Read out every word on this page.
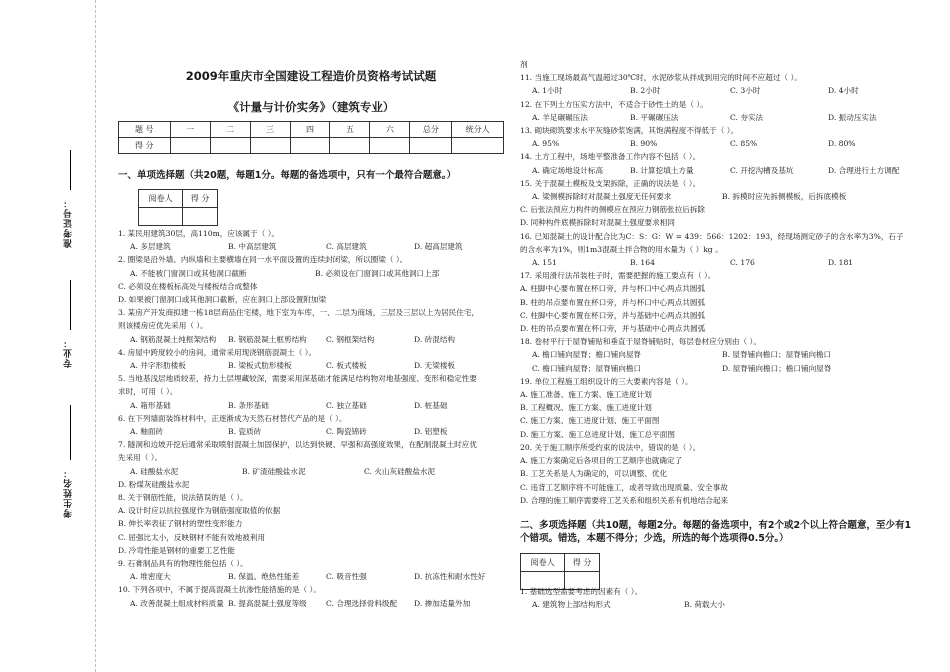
准考证号：
专业：
考生姓名：
2009年重庆市全国建设工程造价员资格考试试题
《计量与计价实务》（建筑专业）
题 号	一	二	三	四	五	六	总分	统分人
得 分								
一、单项选择题（共20题，每题1分。每题的备选项中，只有一个最符合题意。）
阅卷人	得 分

1. 某民用建筑30层，高110m，应该属于（ ）。
A. 多层建筑	B. 中高层建筑	C. 高层建筑	D. 超高层建筑
2. 圈梁是沿外墙、内纵墙和主要横墙在同一水平面设置的连续封闭梁，所以圈梁（ ）。
A. 不能被门窗洞口或其他洞口截断	B. 必须设在门窗洞口或其他洞口上部
C. 必须设在楼板标高处与楼板结合成整体
D. 如果被门窗洞口或其他洞口截断，应在洞口上部设置附加梁
3. 某房产开发商拟建一栋18层商品住宅楼，地下室为车库，一、二层为商场，三层及三层以上为居民住宅，
则该楼房应优先采用（ ）。
A. 钢筋混凝土纯框架结构 B. 钢筋混凝土框剪结构	C. 钢框架结构	D. 砖混结构
4. 房屋中跨度较小的房间，通常采用现浇钢筋混凝土（ ）。
A. 井字形肋楼板	B. 梁板式肋形楼板	C. 板式楼板	D. 无梁楼板
5. 当地基浅层地质较差，持力土层埋藏较深，需要采用深基础才能满足结构物对地基强度、变形和稳定性要
求时，可用（ ）。
A. 箱形基础	B. 条形基础	C. 独立基础	D. 桩基础
6. 在下列墙面装饰材料中，正逐渐成为天然石材替代产品的是（ ）。
A. 釉面砖	B. 瓷质砖	C. 陶瓷锦砖	D. 铝塑板
7. 隧洞和边坡开挖后通常采取喷射混凝土加固保护，以达到快硬、早强和高强度效果，在配制混凝土时应优
先采用（ ）。
A. 硅酸盐水泥	B. 矿渣硅酸盐水泥	C. 火山灰硅酸盐水泥
D. 粉煤灰硅酸盐水泥
8. 关于钢筋性能，说法错误的是（ ）。
A. 设计时应以抗拉强度作为钢筋强度取值的依据
B. 伸长率表征了钢材的塑性变形能力
C. 屈强比太小，反映钢材不能有效地被利用
D. 冷弯性能是钢材的重要工艺性能
9. 石膏制品具有的物理性能包括（ ）。
A. 堆密度大	B. 保温、绝热性能差	C. 吸音性强	D. 抗冻性和耐水性好
10. 下列各项中，不属于提高混凝土抗渗性能措施的是（ ）。
A. 改善混凝土组成材料质量 B. 提高混凝土强度等级	C. 合理选择骨料级配 D. 掺加适量外加
剂
11. 当施工现场最高气温超过30℃时，水泥砂浆从拌成到用完的时间不应超过（ ）。
A. 1小时	B. 2小时	C. 3小时	D. 4小时
12. 在下列土方压实方法中，不适合于砂性土的是（ ）。
A. 羊足碾碾压法	B. 平碾碾压法	C. 夯实法	D. 振动压实法
13. 砌块砌筑要求水平灰缝砂浆饱满，其饱满程度不得低于（ ）。
A. 95%	B. 90%	C. 85%	D. 80%
14. 土方工程中，场地平整准备工作内容不包括（ ）。
A. 确定场地设计标高	B. 计算挖填土方量	C. 开挖沟槽及基坑	D. 合理进行土方调配
15. 关于混凝土模板及支架拆除，正确的说法是（ ）。
A. 梁侧模拆除时对混凝土强度无任何要求	B. 拆模时应先拆侧模板，后拆底模板
C. 后张法预应力构件的侧模应在预应力钢筋张拉后拆除
D. 同种构件底模拆除时对混凝土强度要求相同
16. 已知混凝土的设计配合比为C：S：G：W = 439：566：1202：193，经现场测定砂子的含水率为3%，石子
的含水率为1%，则1m3混凝土拌合物的用水量为（ ）kg 。
A. 151	B. 164	C. 176	D. 181
17. 采用滑行法吊装柱子时，需要把握的施工要点有（ ）。
A. 柱脚中心要布置在杯口旁，并与杯口中心两点共圆弧
B. 柱的吊点要布置在杯口旁，并与杯口中心两点共圆弧
C. 柱脚中心要布置在杯口旁，并与基础中心两点共圆弧
D. 柱的吊点要布置在杯口旁，并与基础中心两点共圆弧
18. 卷材平行于屋脊铺贴和垂直于屋脊铺贴时，每层卷材应分别由（ ）。
A. 檐口铺向屋脊；檐口铺向屋脊	B. 屋脊铺向檐口；屋脊铺向檐口
C. 檐口铺向屋脊；屋脊铺向檐口	D. 屋脊铺向檐口；檐口铺向屋脊
19. 单位工程施工组织设计的三大要素内容是（ ）。
A. 施工准备、施工方案、施工进度计划
B. 工程概况、施工方案、施工进度计划
C. 施工方案、施工进度计划、施工平面图
D. 施工方案、施工总进度计划、施工总平面图
20. 关于施工顺序所受约束的说法中，错误的是（ ）。
A. 施工方案确定后各项目的工艺顺序也就确定了
B. 工艺关系是人为确定的，可以调整、优化
C. 违背工艺顺序将不可能施工，或者导致出现质量、安全事故
D. 合理的施工顺序需要将工艺关系和组织关系有机地结合起来
二、多项选择题（共10题，每题2分。每题的备选项中，有2个或2个以上符合题意，至少有1
个错项。错选，本题不得分；少选，所选的每个选项得0.5分。）
阅卷人	得 分

1. 基础选型需要考虑的因素有（ ）。
A. 建筑物上部结构形式	B. 荷载大小
